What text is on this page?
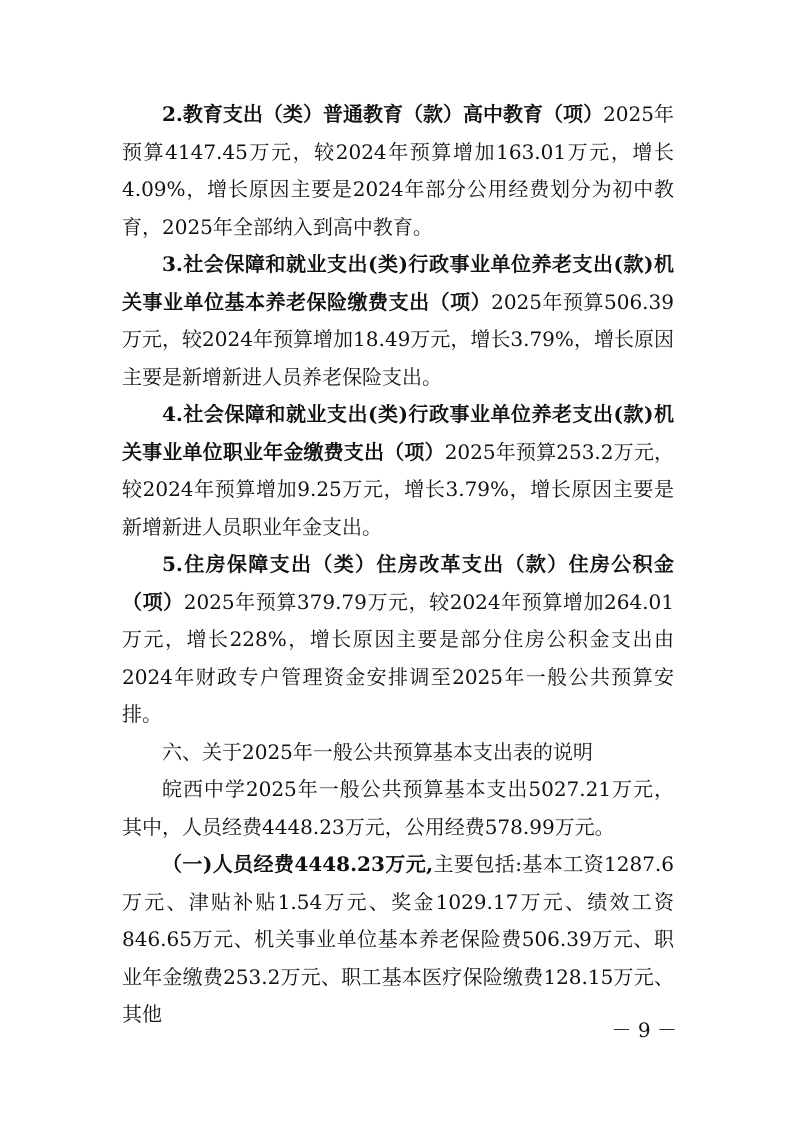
2.教育支出（类）普通教育（款）高中教育（项）2025年预算4147.45万元，较2024年预算增加163.01万元，增长4.09%，增长原因主要是2024年部分公用经费划分为初中教育，2025年全部纳入到高中教育。

3.社会保障和就业支出(类)行政事业单位养老支出(款)机关事业单位基本养老保险缴费支出（项）2025年预算506.39万元，较2024年预算增加18.49万元，增长3.79%，增长原因主要是新增新进人员养老保险支出。

4.社会保障和就业支出(类)行政事业单位养老支出(款)机关事业单位职业年金缴费支出（项）2025年预算253.2万元，较2024年预算增加9.25万元，增长3.79%，增长原因主要是新增新进人员职业年金支出。

5.住房保障支出（类）住房改革支出（款）住房公积金（项）2025年预算379.79万元，较2024年预算增加264.01万元，增长228%，增长原因主要是部分住房公积金支出由2024年财政专户管理资金安排调至2025年一般公共预算安排。

六、关于2025年一般公共预算基本支出表的说明

皖西中学2025年一般公共预算基本支出5027.21万元，其中，人员经费4448.23万元，公用经费578.99万元。

（一)人员经费4448.23万元,主要包括:基本工资1287.6万元、津贴补贴1.54万元、奖金1029.17万元、绩效工资846.65万元、机关事业单位基本养老保险费506.39万元、职业年金缴费253.2万元、职工基本医疗保险缴费128.15万元、其他

－ 9 －
